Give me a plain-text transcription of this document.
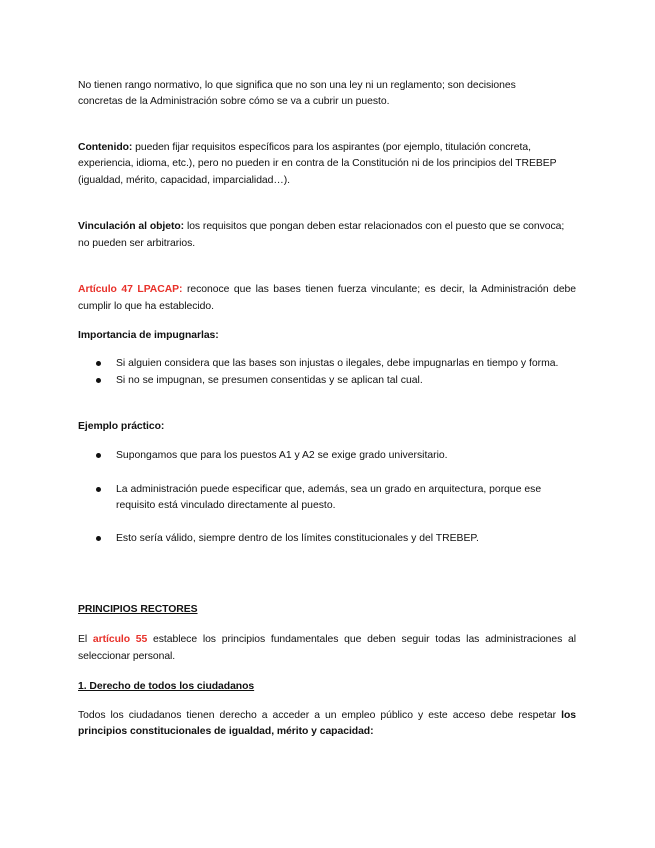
No tienen rango normativo, lo que significa que no son una ley ni un reglamento; son decisiones
concretas de la Administración sobre cómo se va a cubrir un puesto.
Contenido: pueden fijar requisitos específicos para los aspirantes (por ejemplo, titulación concreta,
experiencia, idioma, etc.), pero no pueden ir en contra de la Constitución ni de los principios del TREBEP
(igualdad, mérito, capacidad, imparcialidad…).
Vinculación al objeto: los requisitos que pongan deben estar relacionados con el puesto que se convoca;
no pueden ser arbitrarios.
Artículo 47 LPACAP: reconoce que las bases tienen fuerza vinculante; es decir, la Administración debe
cumplir lo que ha establecido.
Importancia de impugnarlas:
Si alguien considera que las bases son injustas o ilegales, debe impugnarlas en tiempo y forma.
Si no se impugnan, se presumen consentidas y se aplican tal cual.
Ejemplo práctico:
Supongamos que para los puestos A1 y A2 se exige grado universitario.
La administración puede especificar que, además, sea un grado en arquitectura, porque ese
requisito está vinculado directamente al puesto.
Esto sería válido, siempre dentro de los límites constitucionales y del TREBEP.
PRINCIPIOS RECTORES
El artículo 55 establece los principios fundamentales que deben seguir todas las administraciones al
seleccionar personal.
1. Derecho de todos los ciudadanos
Todos los ciudadanos tienen derecho a acceder a un empleo público y este acceso debe respetar los
principios constitucionales de igualdad, mérito y capacidad:
